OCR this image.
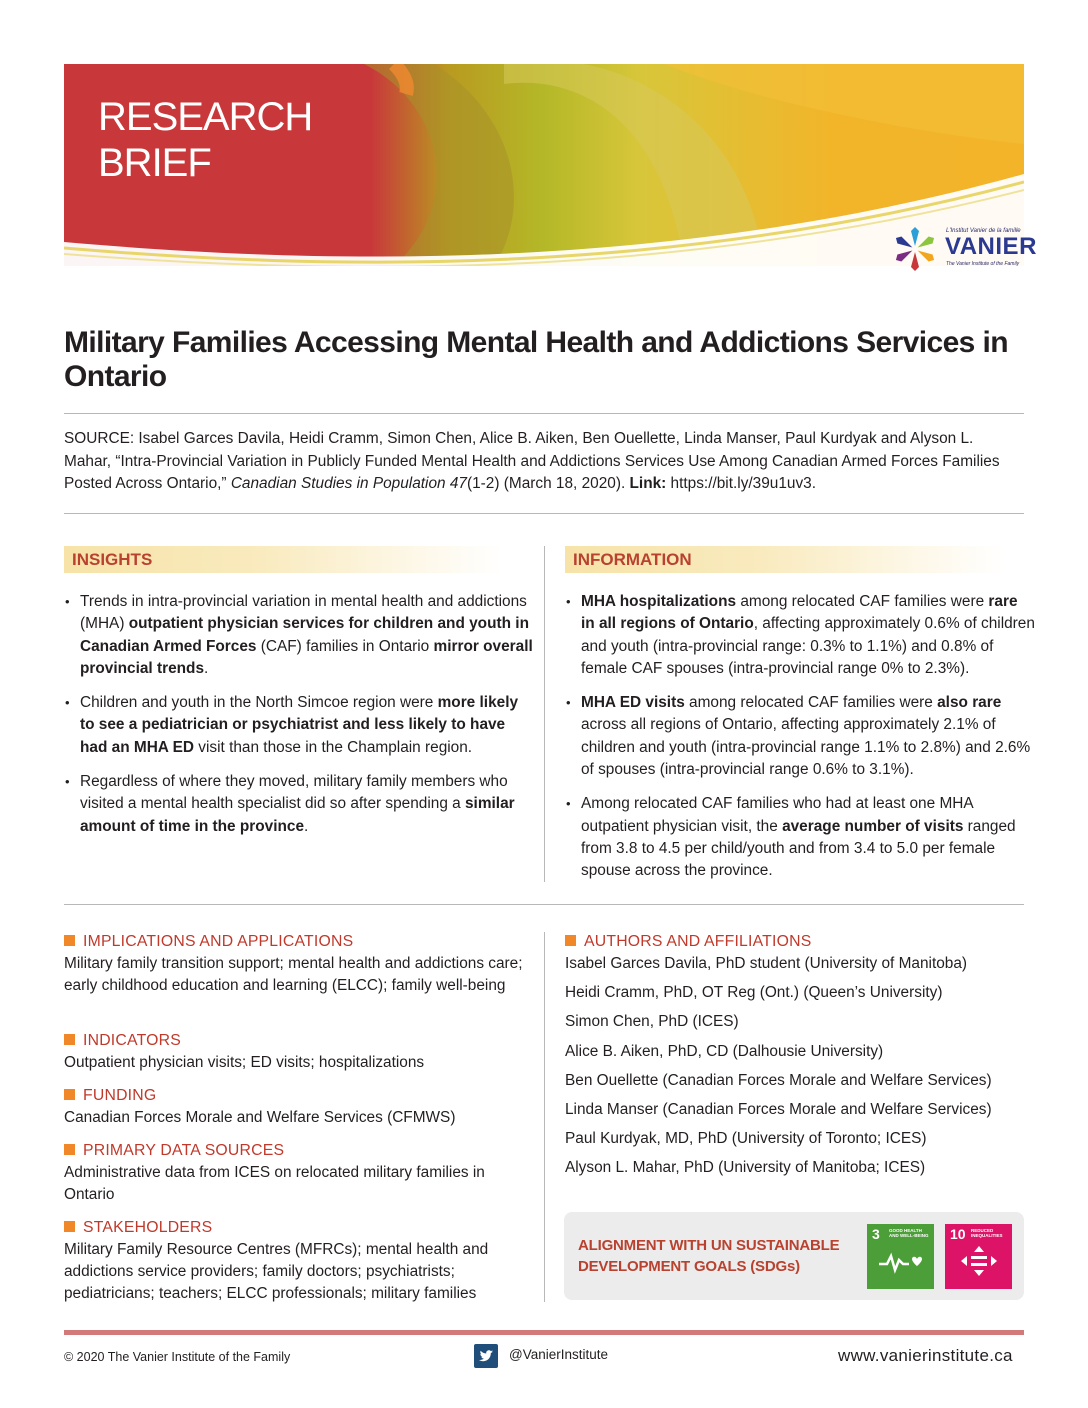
RESEARCH
BRIEF
L'Institut Vanier de la famille
VANIER
The Vanier Institute of the Family
Military Families Accessing Mental Health and Addictions Services in Ontario

SOURCE: Isabel Garces Davila, Heidi Cramm, Simon Chen, Alice B. Aiken, Ben Ouellette, Linda Manser, Paul Kurdyak and Alyson L. Mahar, “Intra-Provincial Variation in Publicly Funded Mental Health and Addictions Services Use Among Canadian Armed Forces Families Posted Across Ontario,” Canadian Studies in Population 47(1-2) (March 18, 2020). Link: https://bit.ly/39u1uv3.

INSIGHTS
• Trends in intra-provincial variation in mental health and addictions (MHA) outpatient physician services for children and youth in Canadian Armed Forces (CAF) families in Ontario mirror overall provincial trends.
• Children and youth in the North Simcoe region were more likely to see a pediatrician or psychiatrist and less likely to have had an MHA ED visit than those in the Champlain region.
• Regardless of where they moved, military family members who visited a mental health specialist did so after spending a similar amount of time in the province.
INFORMATION
• MHA hospitalizations among relocated CAF families were rare in all regions of Ontario, affecting approximately 0.6% of children and youth (intra-provincial range: 0.3% to 1.1%) and 0.8% of female CAF spouses (intra-provincial range 0% to 2.3%).
• MHA ED visits among relocated CAF families were also rare across all regions of Ontario, affecting approximately 2.1% of children and youth (intra-provincial range 1.1% to 2.8%) and 2.6% of spouses (intra-provincial range 0.6% to 3.1%).
• Among relocated CAF families who had at least one MHA outpatient physician visit, the average number of visits ranged from 3.8 to 4.5 per child/youth and from 3.4 to 5.0 per female spouse across the province.
IMPLICATIONS AND APPLICATIONS

Military family transition support; mental health and addictions care; early childhood education and learning (ELCC); family well-being

INDICATORS

Outpatient physician visits; ED visits; hospitalizations

FUNDING

Canadian Forces Morale and Welfare Services (CFMWS)

PRIMARY DATA SOURCES

Administrative data from ICES on relocated military families in Ontario

STAKEHOLDERS

Military Family Resource Centres (MFRCs); mental health and addictions service providers; family doctors; psychiatrists; pediatricians; teachers; ELCC professionals; military families

AUTHORS AND AFFILIATIONS
Isabel Garces Davila, PhD student (University of Manitoba)
Heidi Cramm, PhD, OT Reg (Ont.) (Queen’s University)
Simon Chen, PhD (ICES)
Alice B. Aiken, PhD, CD (Dalhousie University)
Ben Ouellette (Canadian Forces Morale and Welfare Services)
Linda Manser (Canadian Forces Morale and Welfare Services)
Paul Kurdyak, MD, PhD (University of Toronto; ICES)
Alyson L. Mahar, PhD (University of Manitoba; ICES)
ALIGNMENT WITH UN SUSTAINABLE DEVELOPMENT GOALS (SDGs)
3 GOOD HEALTH AND WELL-BEING 10 REDUCED INEQUALITIES
© 2020 The Vanier Institute of the Family	@VanierInstitute	www.vanierinstitute.ca
